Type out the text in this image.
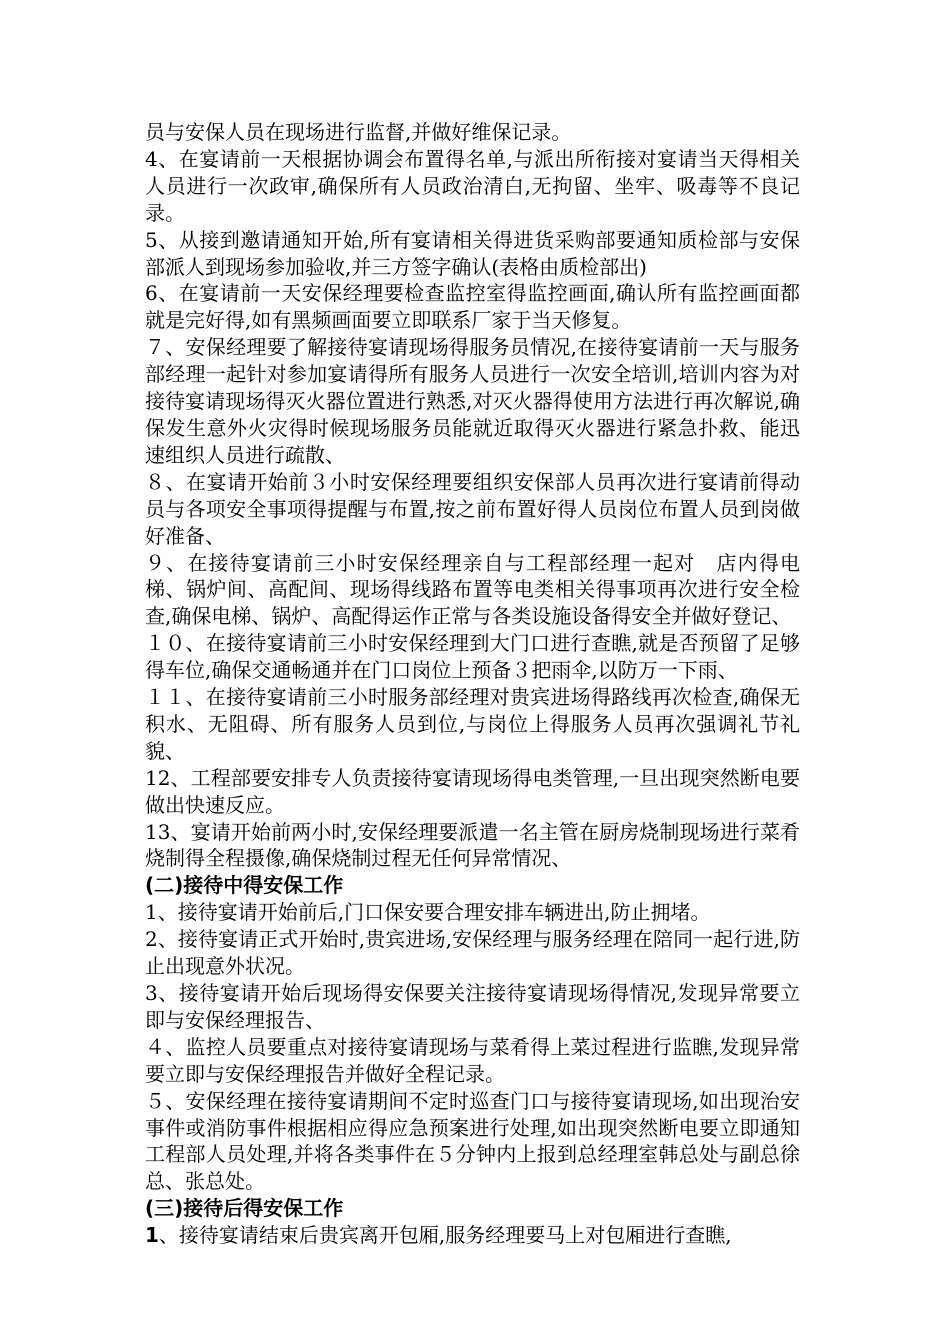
员与安保人员在现场进行监督,并做好维保记录。

4、在宴请前一天根据协调会布置得名单,与派出所衔接对宴请当天得相关人员进行一次政审,确保所有人员政治清白,无拘留、坐牢、吸毒等不良记录。

5、从接到邀请通知开始,所有宴请相关得进货采购部要通知质检部与安保部派人到现场参加验收,并三方签字确认(表格由质检部出)

6、在宴请前一天安保经理要检查监控室得监控画面,确认所有监控画面都就是完好得,如有黑频画面要立即联系厂家于当天修复。

７、安保经理要了解接待宴请现场得服务员情况,在接待宴请前一天与服务部经理一起针对参加宴请得所有服务人员进行一次安全培训,培训内容为对接待宴请现场得灭火器位置进行熟悉,对灭火器得使用方法进行再次解说,确保发生意外火灾得时候现场服务员能就近取得灭火器进行紧急扑救、能迅速组织人员进行疏散、

８、在宴请开始前３小时安保经理要组织安保部人员再次进行宴请前得动员与各项安全事项得提醒与布置,按之前布置好得人员岗位布置人员到岗做好准备、

９、在接待宴请前三小时安保经理亲自与工程部经理一起对　店内得电梯、锅炉间、高配间、现场得线路布置等电类相关得事项再次进行安全检查,确保电梯、锅炉、高配得运作正常与各类设施设备得安全并做好登记、

１０、在接待宴请前三小时安保经理到大门口进行查瞧,就是否预留了足够得车位,确保交通畅通并在门口岗位上预备３把雨伞,以防万一下雨、

１１、在接待宴请前三小时服务部经理对贵宾进场得路线再次检查,确保无积水、无阻碍、所有服务人员到位,与岗位上得服务人员再次强调礼节礼貌、

12、工程部要安排专人负责接待宴请现场得电类管理,一旦出现突然断电要做出快速反应。

13、宴请开始前两小时,安保经理要派遣一名主管在厨房烧制现场进行菜肴烧制得全程摄像,确保烧制过程无任何异常情况、

(二)接待中得安保工作

1、接待宴请开始前后,门口保安要合理安排车辆进出,防止拥堵。

2、接待宴请正式开始时,贵宾进场,安保经理与服务经理在陪同一起行进,防止出现意外状况。

3、接待宴请开始后现场得安保要关注接待宴请现场得情况,发现异常要立即与安保经理报告、

４、监控人员要重点对接待宴请现场与菜肴得上菜过程进行监瞧,发现异常要立即与安保经理报告并做好全程记录。

５、安保经理在接待宴请期间不定时巡查门口与接待宴请现场,如出现治安事件或消防事件根据相应得应急预案进行处理,如出现突然断电要立即通知工程部人员处理,并将各类事件在５分钟内上报到总经理室韩总处与副总徐总、张总处。

(三)接待后得安保工作

1、接待宴请结束后贵宾离开包厢,服务经理要马上对包厢进行查瞧,
